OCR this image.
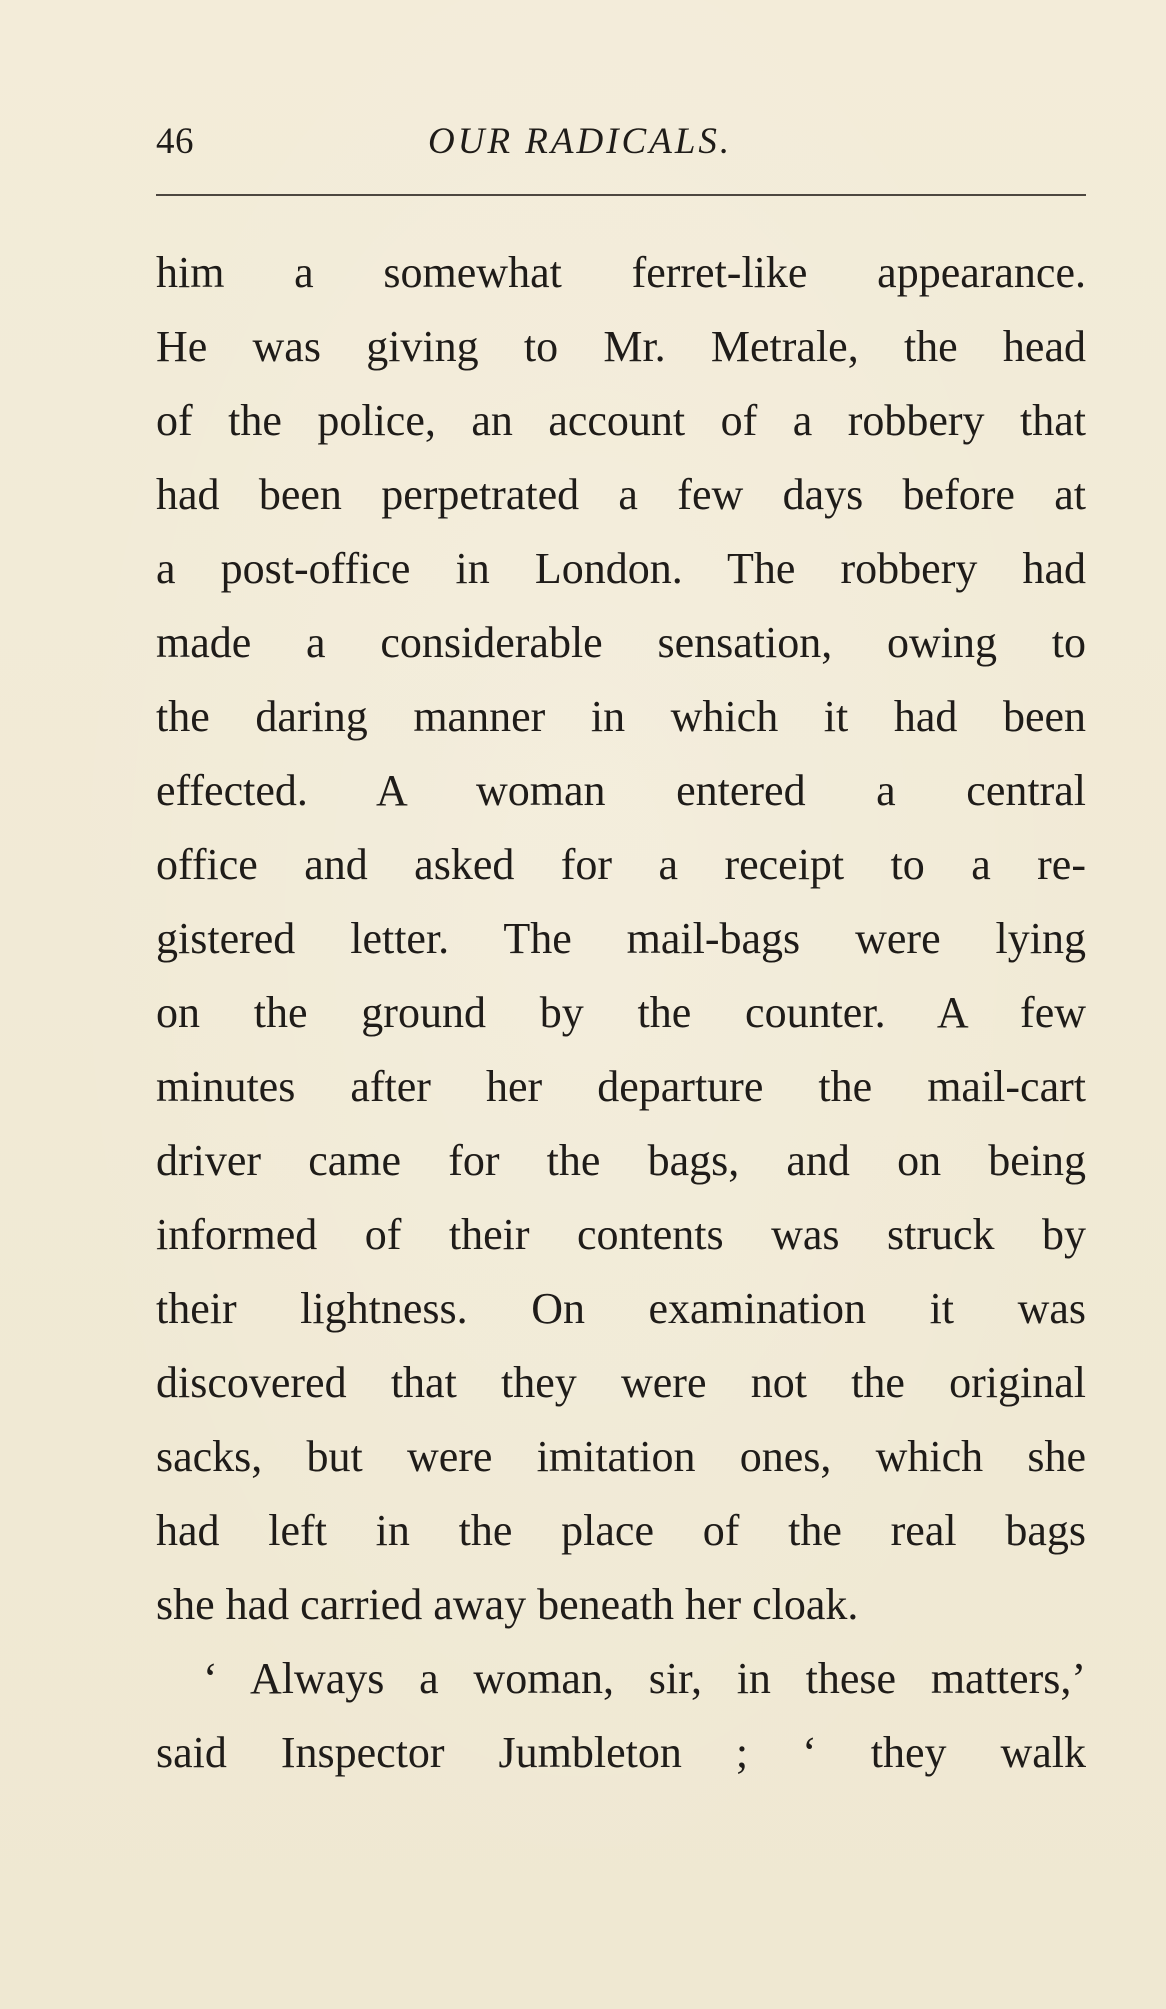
46	OUR RADICALS.
him a somewhat ferret-like appearance.
He was giving to Mr. Metrale, the head
of the police, an account of a robbery that
had been perpetrated a few days before at
a post-office in London. The robbery had
made a considerable sensation, owing to
the daring manner in which it had been
effected. A woman entered a central
office and asked for a receipt to a re-
gistered letter. The mail-bags were lying
on the ground by the counter. A few
minutes after her departure the mail-cart
driver came for the bags, and on being
informed of their contents was struck by
their lightness. On examination it was
discovered that they were not the original
sacks, but were imitation ones, which she
had left in the place of the real bags
she had carried away beneath her cloak.
‘ Always a woman, sir, in these matters,’
said Inspector Jumbleton ; ‘ they walk
